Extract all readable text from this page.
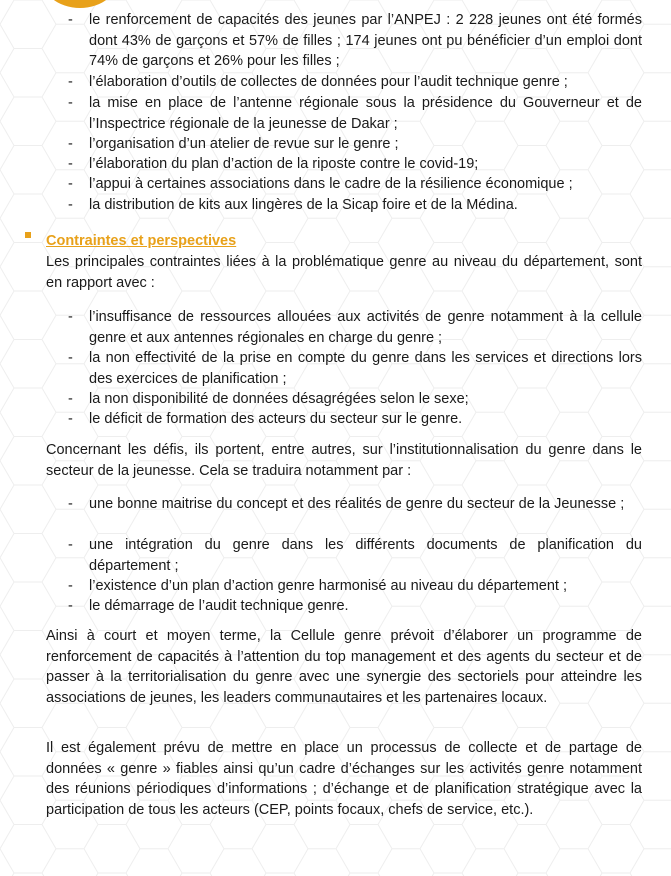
-	le renforcement de capacités des jeunes par l’ANPEJ : 2 228 jeunes ont été formés dont 43% de garçons et 57% de filles ; 174 jeunes ont pu bénéficier d’un emploi dont 74% de garçons et 26% pour les filles ;
-	l’élaboration d’outils de collectes de données pour l’audit technique genre ;
-	la mise en place de l’antenne régionale sous la présidence du Gouverneur et de l’Inspectrice régionale de la jeunesse de Dakar ;
-	l’organisation d’un atelier de revue sur le genre ;
-	l’élaboration du plan d’action de la riposte contre le covid-19;
-	l’appui à certaines associations dans le cadre de la résilience économique ;
-	la distribution de kits aux lingères de la Sicap foire et de la Médina.
Contraintes et perspectives
Les principales contraintes liées à la problématique genre au niveau du département, sont en rapport avec :
-	l’insuffisance de ressources allouées aux activités de genre notamment à la cellule genre et aux antennes régionales en charge du genre ;
-	la non effectivité de la prise en compte du genre dans les services et directions lors des exercices de planification ;
-	la non disponibilité de données désagrégées selon le sexe;
-	le déficit de formation des acteurs du secteur sur le genre.
Concernant les défis, ils portent, entre autres, sur l’institutionnalisation du genre dans le secteur de la jeunesse. Cela se traduira notamment par :
-	une bonne maitrise du concept et des réalités de genre du secteur de la Jeunesse ;
-	une intégration du genre dans les différents documents de planification du département ;
-	l’existence d’un plan d’action genre harmonisé au niveau du département ;
-	le démarrage de l’audit technique genre.
Ainsi à court et moyen terme, la Cellule genre prévoit d’élaborer un programme de renforcement de capacités à l’attention du top management et des agents du secteur et de passer à la territorialisation du genre avec une synergie des sectoriels pour atteindre les associations de jeunes, les leaders communautaires et les partenaires locaux.
Il est également prévu de mettre en place un processus de collecte et de partage de données « genre » fiables ainsi qu’un cadre d’échanges sur les activités genre notamment des réunions périodiques d’informations ; d’échange et de planification stratégique avec la participation de tous les acteurs (CEP, points focaux, chefs de service, etc.).
